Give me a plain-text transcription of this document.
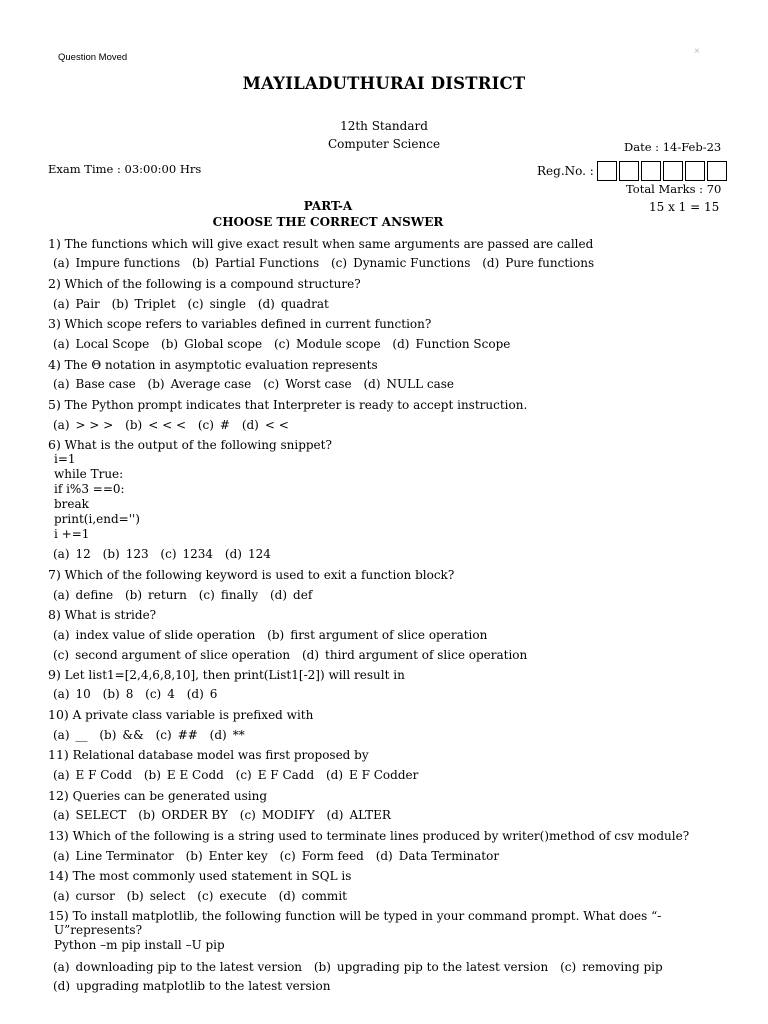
Question Moved
×
MAYILADUTHURAI DISTRICT
12th Standard
Computer Science	Date : 14-Feb-23
Exam Time : 03:00:00 Hrs	Reg.No. :
Total Marks : 70
PART-A
CHOOSE THE CORRECT ANSWER
15 x 1 = 15
1) The functions which will give exact result when same arguments are passed are called
(a) Impure functions (b) Partial Functions (c) Dynamic Functions (d) Pure functions
2) Which of the following is a compound structure?
(a) Pair (b) Triplet (c) single (d) quadrat
3) Which scope refers to variables defined in current function?
(a) Local Scope (b) Global scope (c) Module scope (d) Function Scope
4) The Θ notation in asymptotic evaluation represents
(a) Base case (b) Average case (c) Worst case (d) NULL case
5) The Python prompt indicates that Interpreter is ready to accept instruction.
(a) > > > (b) < < < (c) # (d) < <
6) What is the output of the following snippet?
i=1
while True:
if i%3 ==0:
break
print(i,end='')
i +=1
(a) 12 (b) 123 (c) 1234 (d) 124
7) Which of the following keyword is used to exit a function block?
(a) define (b) return (c) finally (d) def
8) What is stride?
(a) index value of slide operation (b) first argument of slice operation
(c) second argument of slice operation (d) third argument of slice operation
9) Let list1=[2,4,6,8,10], then print(List1[-2]) will result in
(a) 10 (b) 8 (c) 4 (d) 6
10) A private class variable is prefixed with
(a) __ (b) && (c) ## (d) **
11) Relational database model was first proposed by
(a) E F Codd (b) E E Codd (c) E F Cadd (d) E F Codder
12) Queries can be generated using
(a) SELECT (b) ORDER BY (c) MODIFY (d) ALTER
13) Which of the following is a string used to terminate lines produced by writer()method of csv module?
(a) Line Terminator (b) Enter key (c) Form feed (d) Data Terminator
14) The most commonly used statement in SQL is
(a) cursor (b) select (c) execute (d) commit
15) To install matplotlib, the following function will be typed in your command prompt. What does “-
U”represents?
Python –m pip install –U pip
(a) downloading pip to the latest version (b) upgrading pip to the latest version (c) removing pip
(d) upgrading matplotlib to the latest version
